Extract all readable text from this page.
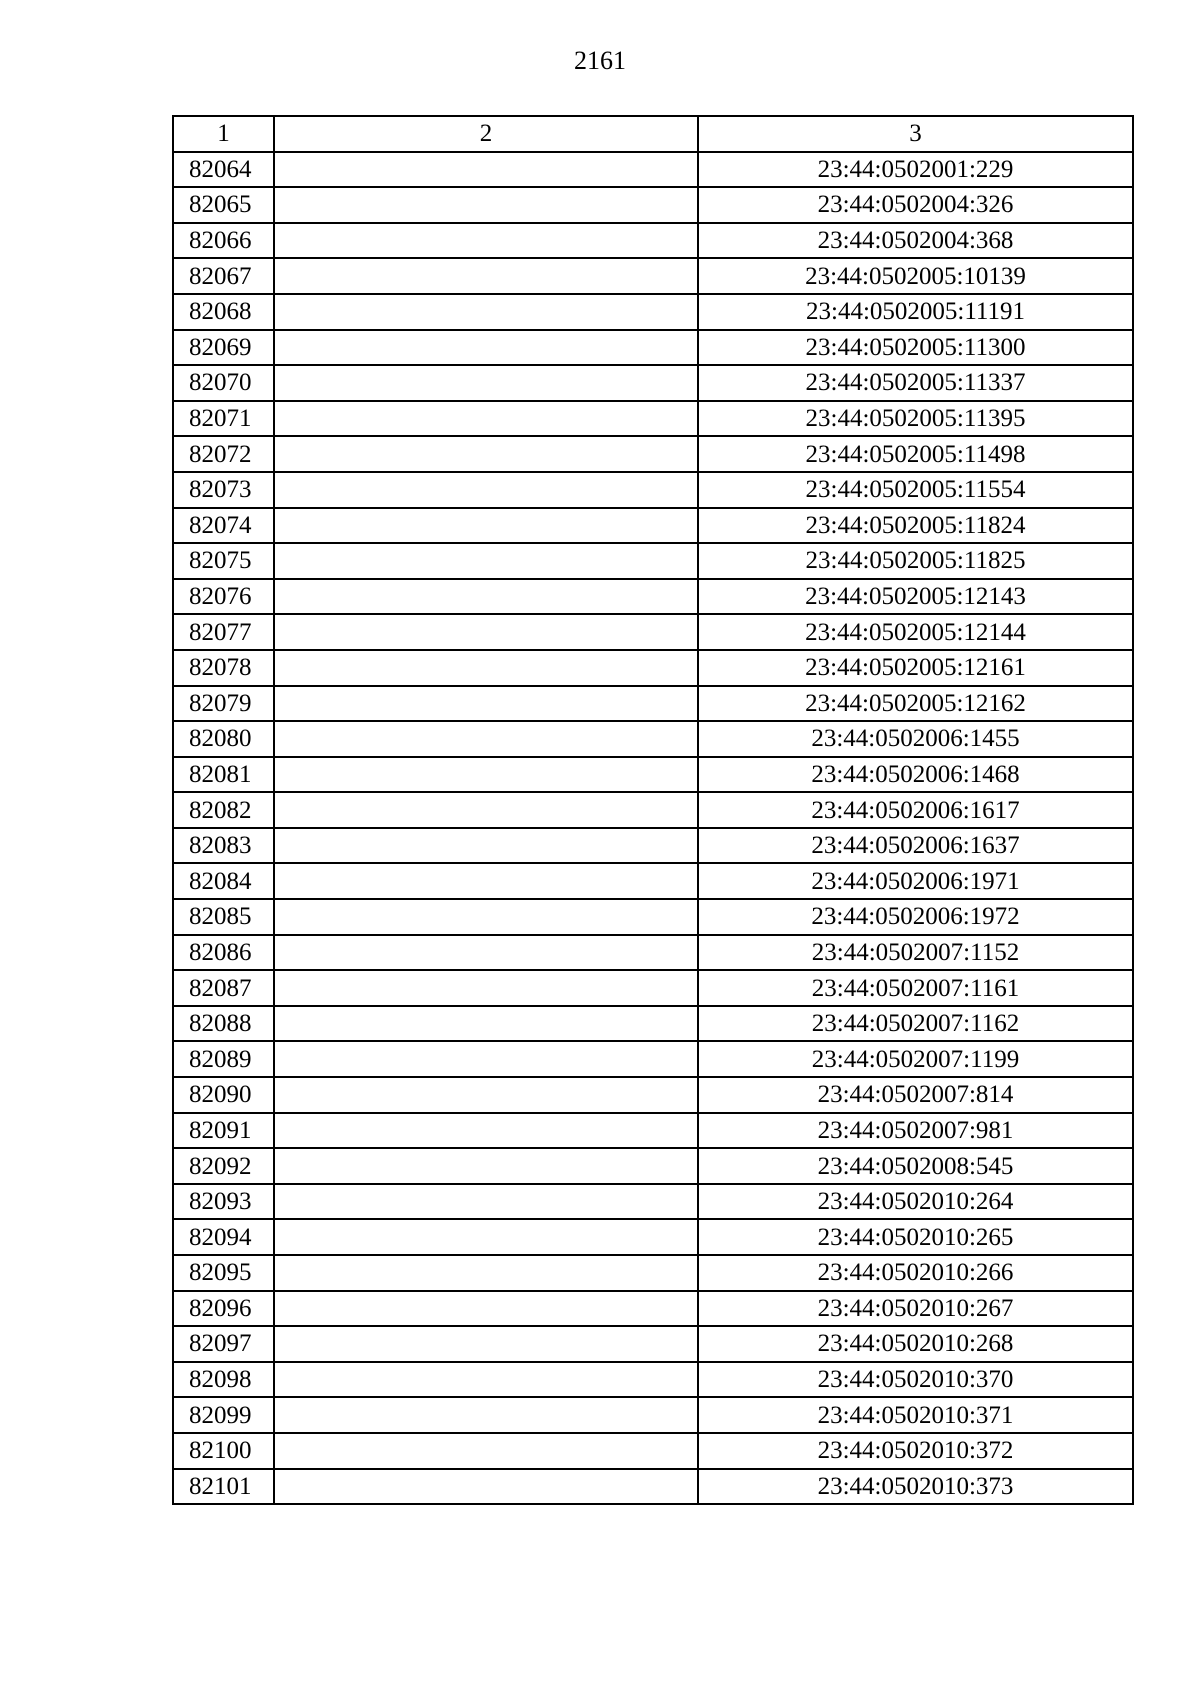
2161
1	2	3
82064		23:44:0502001:229
82065		23:44:0502004:326
82066		23:44:0502004:368
82067		23:44:0502005:10139
82068		23:44:0502005:11191
82069		23:44:0502005:11300
82070		23:44:0502005:11337
82071		23:44:0502005:11395
82072		23:44:0502005:11498
82073		23:44:0502005:11554
82074		23:44:0502005:11824
82075		23:44:0502005:11825
82076		23:44:0502005:12143
82077		23:44:0502005:12144
82078		23:44:0502005:12161
82079		23:44:0502005:12162
82080		23:44:0502006:1455
82081		23:44:0502006:1468
82082		23:44:0502006:1617
82083		23:44:0502006:1637
82084		23:44:0502006:1971
82085		23:44:0502006:1972
82086		23:44:0502007:1152
82087		23:44:0502007:1161
82088		23:44:0502007:1162
82089		23:44:0502007:1199
82090		23:44:0502007:814
82091		23:44:0502007:981
82092		23:44:0502008:545
82093		23:44:0502010:264
82094		23:44:0502010:265
82095		23:44:0502010:266
82096		23:44:0502010:267
82097		23:44:0502010:268
82098		23:44:0502010:370
82099		23:44:0502010:371
82100		23:44:0502010:372
82101		23:44:0502010:373
